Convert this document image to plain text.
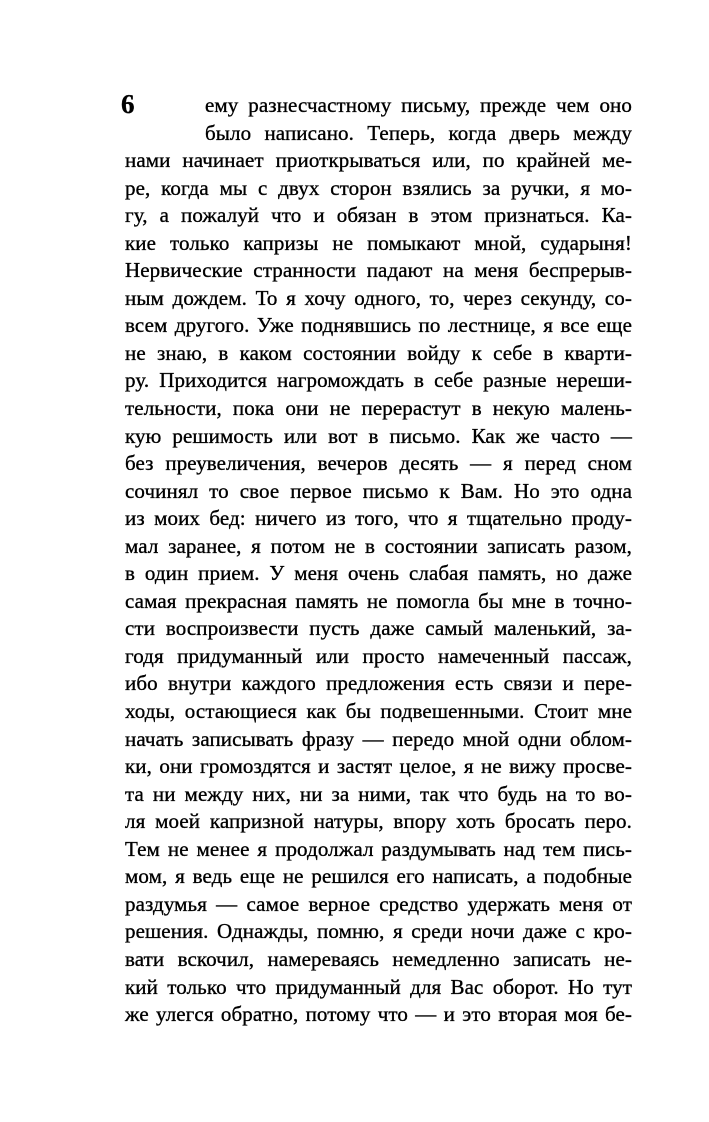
6	ему разнесчастному письму, прежде чем оно
было написано. Теперь, когда дверь между
нами начинает приоткрываться или, по крайней ме-
ре, когда мы с двух сторон взялись за ручки, я мо-
гу, а пожалуй что и обязан в этом признаться. Ка-
кие только капризы не помыкают мной, сударыня!
Нервические странности падают на меня беспрерыв-
ным дождем. То я хочу одного, то, через секунду, со-
всем другого. Уже поднявшись по лестнице, я все еще
не знаю, в каком состоянии войду к себе в кварти-
ру. Приходится нагромождать в себе разные нереши-
тельности, пока они не перерастут в некую малень-
кую решимость или вот в письмо. Как же часто —
без преувеличения, вечеров десять — я перед сном
сочинял то свое первое письмо к Вам. Но это одна
из моих бед: ничего из того, что я тщательно проду-
мал заранее, я потом не в состоянии записать разом,
в один прием. У меня очень слабая память, но даже
самая прекрасная память не помогла бы мне в точно-
сти воспроизвести пусть даже самый маленький, за-
годя придуманный или просто намеченный пассаж,
ибо внутри каждого предложения есть связи и пере-
ходы, остающиеся как бы подвешенными. Стоит мне
начать записывать фразу — передо мной одни облом-
ки, они громоздятся и застят целое, я не вижу просве-
та ни между них, ни за ними, так что будь на то во-
ля моей капризной натуры, впору хоть бросать перо.
Тем не менее я продолжал раздумывать над тем пись-
мом, я ведь еще не решился его написать, а подобные
раздумья — самое верное средство удержать меня от
решения. Однажды, помню, я среди ночи даже с кро-
вати вскочил, намереваясь немедленно записать не-
кий только что придуманный для Вас оборот. Но тут
же улегся обратно, потому что — и это вторая моя бе-
